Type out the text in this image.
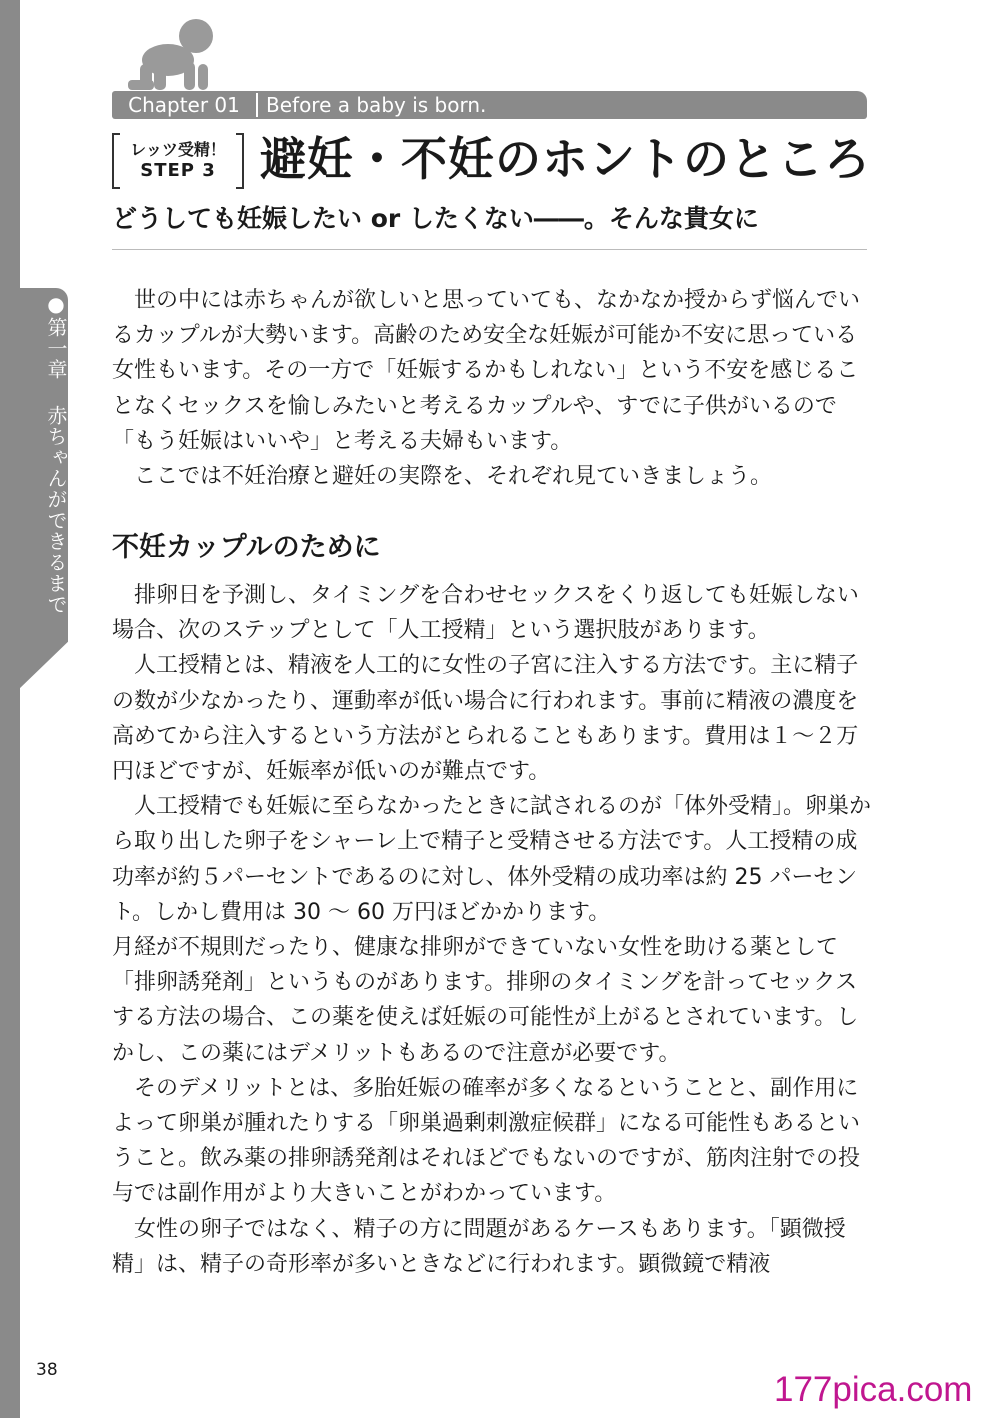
●第一章 赤ちゃんができるまで
Chapter 01	Before a baby is born.
レッツ受精！
STEP 3 避妊・不妊のホントのところ
どうしても妊娠したい or したくない――。そんな貴女に

世の中には赤ちゃんが欲しいと思っていても、なかなか授からず悩んでいるカップルが大勢います。高齢のため安全な妊娠が可能か不安に思っている女性もいます。その一方で「妊娠するかもしれない」という不安を感じることなくセックスを愉しみたいと考えるカップルや、すでに子供がいるので「もう妊娠はいいや」と考える夫婦もいます。

ここでは不妊治療と避妊の実際を、それぞれ見ていきましょう。

不妊カップルのために

排卵日を予測し、タイミングを合わせセックスをくり返しても妊娠しない場合、次のステップとして「人工授精」という選択肢があります。

人工授精とは、精液を人工的に女性の子宮に注入する方法です。主に精子の数が少なかったり、運動率が低い場合に行われます。事前に精液の濃度を高めてから注入するという方法がとられることもあります。費用は１～２万円ほどですが、妊娠率が低いのが難点です。

人工授精でも妊娠に至らなかったときに試されるのが「体外受精」。卵巣から取り出した卵子をシャーレ上で精子と受精させる方法です。人工授精の成功率が約５パーセントであるのに対し、体外受精の成功率は約 25 パーセント。しかし費用は 30 ～ 60 万円ほどかかります。

月経が不規則だったり、健康な排卵ができていない女性を助ける薬として「排卵誘発剤」というものがあります。排卵のタイミングを計ってセックスする方法の場合、この薬を使えば妊娠の可能性が上がるとされています。しかし、この薬にはデメリットもあるので注意が必要です。

そのデメリットとは、多胎妊娠の確率が多くなるということと、副作用によって卵巣が腫れたりする「卵巣過剰刺激症候群」になる可能性もあるということ。飲み薬の排卵誘発剤はそれほどでもないのですが、筋肉注射での投与では副作用がより大きいことがわかっています。

女性の卵子ではなく、精子の方に問題があるケースもあります。「顕微授精」は、精子の奇形率が多いときなどに行われます。顕微鏡で精液

38	177pica.com
